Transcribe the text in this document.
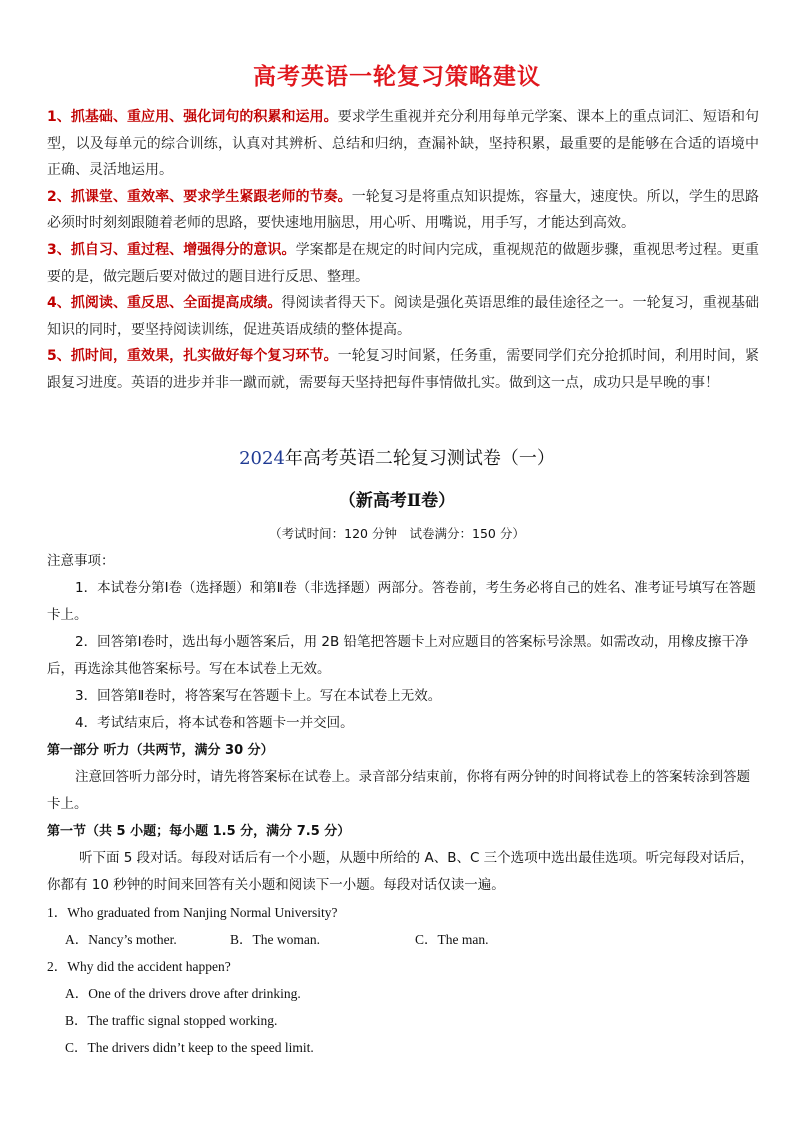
高考英语一轮复习策略建议
1、抓基础、重应用、强化词句的积累和运用。要求学生重视并充分利用每单元学案、课本上的重点词汇、短语和句型，以及每单元的综合训练，认真对其辨析、总结和归纳，查漏补缺，坚持积累，最重要的是能够在合适的语境中正确、灵活地运用。
2、抓课堂、重效率、要求学生紧跟老师的节奏。一轮复习是将重点知识提炼，容量大，速度快。所以，学生的思路必须时时刻刻跟随着老师的思路，要快速地用脑思，用心听、用嘴说，用手写，才能达到高效。
3、抓自习、重过程、增强得分的意识。学案都是在规定的时间内完成，重视规范的做题步骤，重视思考过程。更重要的是，做完题后要对做过的题目进行反思、整理。
4、抓阅读、重反思、全面提高成绩。得阅读者得天下。阅读是强化英语思维的最佳途径之一。一轮复习，重视基础知识的同时，要坚持阅读训练，促进英语成绩的整体提高。
5、抓时间，重效果，扎实做好每个复习环节。一轮复习时间紧，任务重，需要同学们充分抢抓时间，利用时间，紧跟复习进度。英语的进步并非一蹴而就，需要每天坚持把每件事情做扎实。做到这一点，成功只是早晚的事！
2024年高考英语二轮复习测试卷（一）
（新高考Ⅱ卷）
（考试时间：120 分钟　试卷满分：150 分）
注意事项：
1．本试卷分第Ⅰ卷（选择题）和第Ⅱ卷（非选择题）两部分。答卷前，考生务必将自己的姓名、准考证号填写在答题卡上。
2．回答第Ⅰ卷时，选出每小题答案后，用 2B 铅笔把答题卡上对应题目的答案标号涂黑。如需改动，用橡皮擦干净后，再选涂其他答案标号。写在本试卷上无效。
3．回答第Ⅱ卷时，将答案写在答题卡上。写在本试卷上无效。
4．考试结束后，将本试卷和答题卡一并交回。
第一部分 听力（共两节，满分 30 分）
注意回答听力部分时，请先将答案标在试卷上。录音部分结束前，你将有两分钟的时间将试卷上的答案转涂到答题卡上。
第一节（共 5 小题；每小题 1.5 分，满分 7.5 分）
听下面 5 段对话。每段对话后有一个小题，从题中所给的 A、B、C 三个选项中选出最佳选项。听完每段对话后，你都有 10 秒钟的时间来回答有关小题和阅读下一小题。每段对话仅读一遍。
1．Who graduated from Nanjing Normal University?
A．Nancy’s mother.	B．The woman.	C．The man.
2．Why did the accident happen?
A．One of the drivers drove after drinking.
B．The traffic signal stopped working.
C．The drivers didn’t keep to the speed limit.
